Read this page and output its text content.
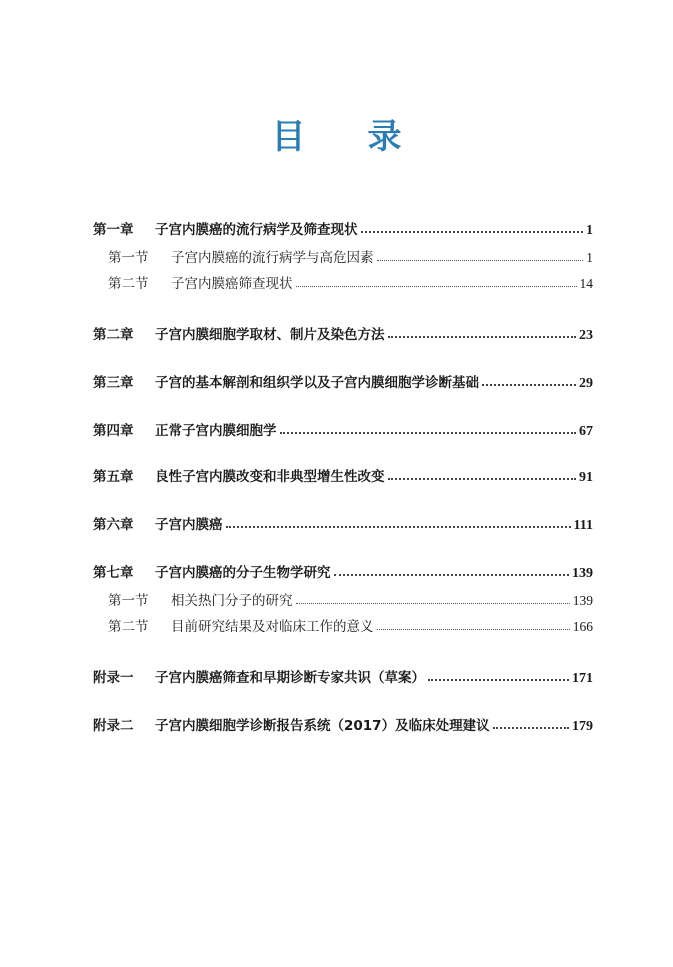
目 录
第一章	子宫内膜癌的流行病学及筛查现状	1
第一节	子宫内膜癌的流行病学与高危因素	1
第二节	子宫内膜癌筛查现状	14
第二章	子宫内膜细胞学取材、制片及染色方法	23
第三章	子宫的基本解剖和组织学以及子宫内膜细胞学诊断基础	29
第四章	正常子宫内膜细胞学	67
第五章	良性子宫内膜改变和非典型增生性改变	91
第六章	子宫内膜癌	111
第七章	子宫内膜癌的分子生物学研究	139
第一节	相关热门分子的研究	139
第二节	目前研究结果及对临床工作的意义	166
附录一	子宫内膜癌筛查和早期诊断专家共识（草案）	171
附录二	子宫内膜细胞学诊断报告系统（2017）及临床处理建议	179
